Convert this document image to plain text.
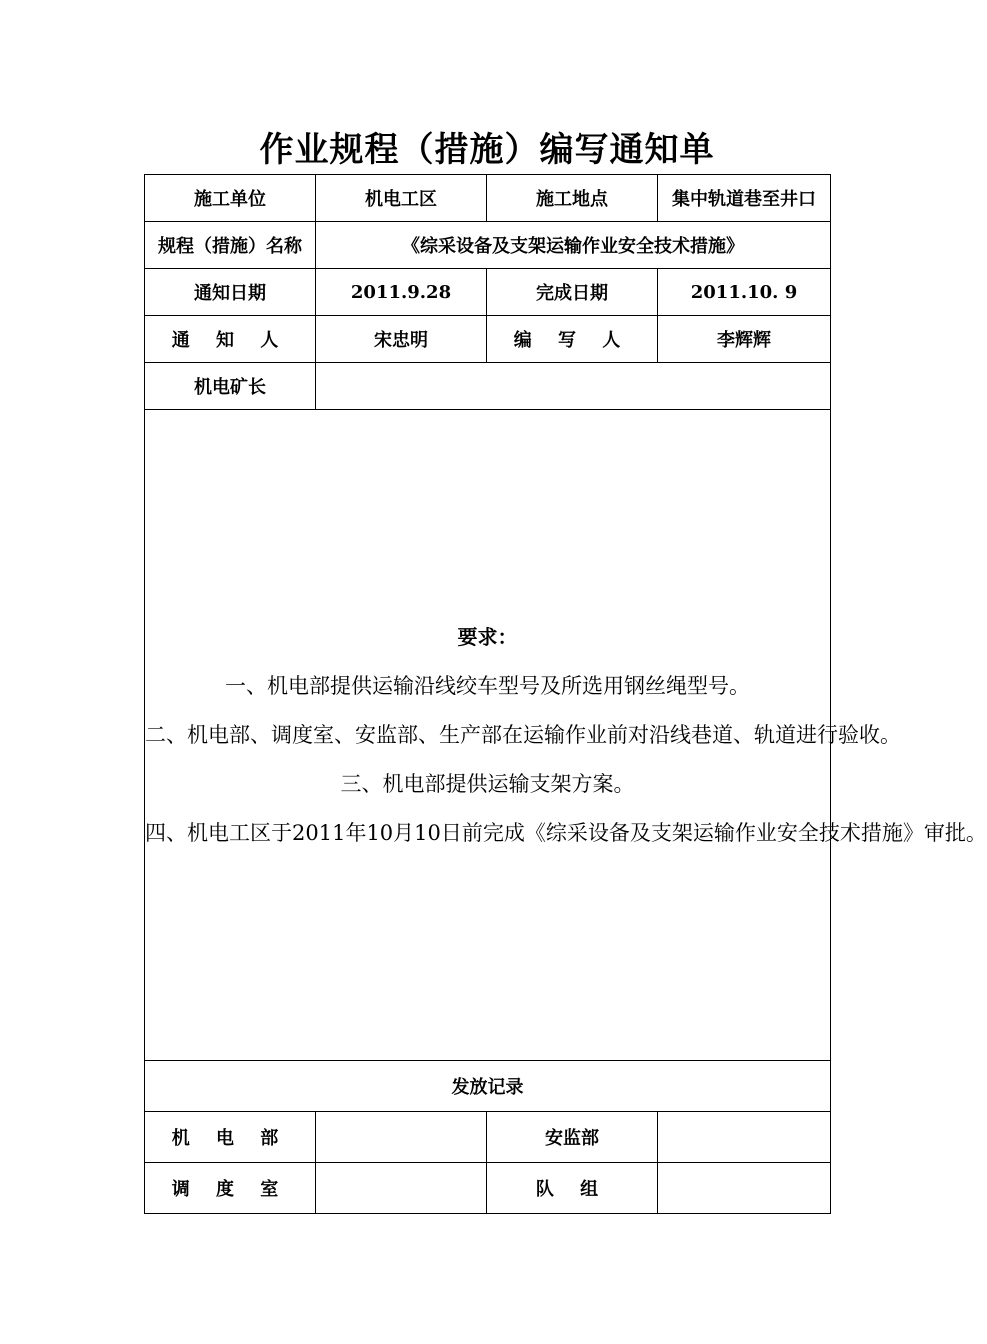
作业规程（措施）编写通知单
施工单位	机电工区	施工地点	集中轨道巷至井口
规程（措施）名称	《综采设备及支架运输作业安全技术措施》		
通知日期	2011.9.28	完成日期	2011.10. 9
通 知 人	宋忠明	编 写 人	李辉辉
机电矿长			

要求：
一、机电部提供运输沿线绞车型号及所选用钢丝绳型号。
二、机电部、调度室、安监部、生产部在运输作业前对沿线巷道、轨道进行验收。
三、机电部提供运输支架方案。
四、机电工区于2011年10月10日前完成《综采设备及支架运输作业安全技术措施》审批。			

发放记录			
机 电 部		安监部	
调 度 室		队 组	
